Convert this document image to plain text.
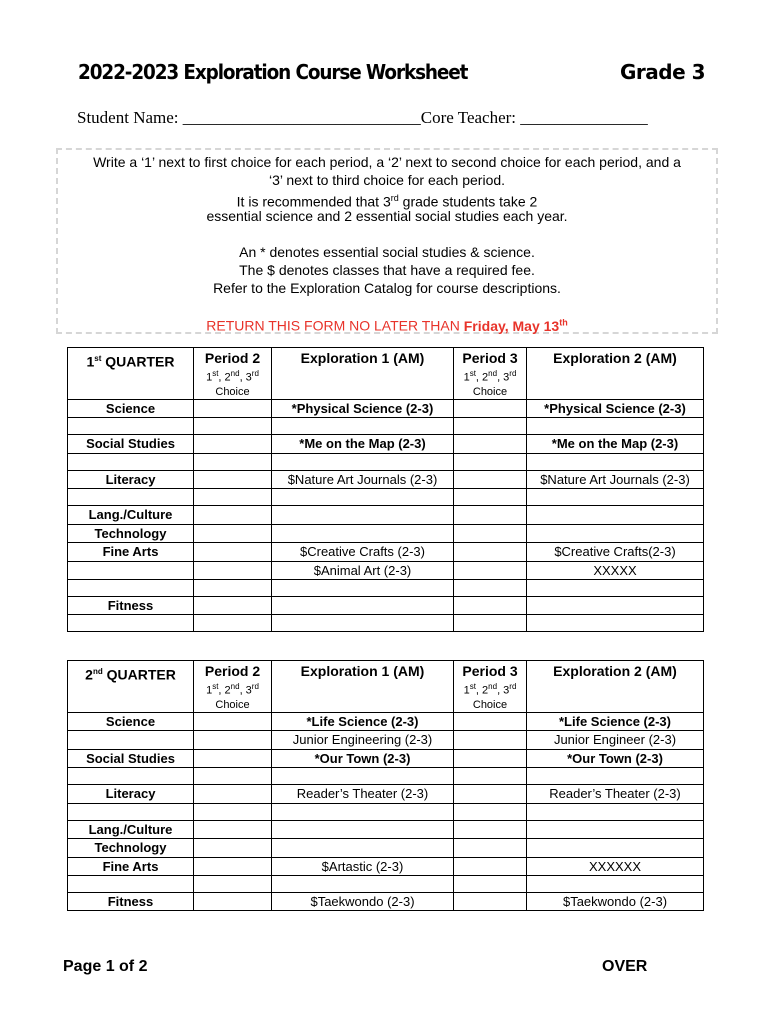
2022-2023 Exploration Course Worksheet	Grade 3
Student Name: ____________________________Core Teacher: _______________
Write a ‘1’ next to first choice for each period, a ‘2’ next to second choice for each period, and a
‘3’ next to third choice for each period.
It is recommended that 3rd grade students take 2
essential science and 2 essential social studies each year.
An * denotes essential social studies & science.
The $ denotes classes that have a required fee.
Refer to the Exploration Catalog for course descriptions.
RETURN THIS FORM NO LATER THAN Friday, May 13th
1st QUARTER	Period 2
1st, 2nd, 3rd
Choice	Exploration 1 (AM)	Period 3
1st, 2nd, 3rd
Choice	Exploration 2 (AM)

Science		*Physical Science (2-3)		*Physical Science (2-3)

Social Studies		*Me on the Map (2-3)		*Me on the Map (2-3)

Literacy		$Nature Art Journals (2-3)		$Nature Art Journals (2-3)

Lang./Culture				
Technology				
Fine Arts		$Creative Crafts (2-3)		$Creative Crafts(2-3)
		$Animal Art (2-3)		XXXXX

Fitness				

2nd QUARTER	Period 2
1st, 2nd, 3rd
Choice	Exploration 1 (AM)	Period 3
1st, 2nd, 3rd
Choice	Exploration 2 (AM)

Science		*Life Science (2-3)		*Life Science (2-3)
		Junior Engineering (2-3)		Junior Engineer (2-3)
Social Studies		*Our Town (2-3)		*Our Town (2-3)

Literacy		Reader’s Theater (2-3)		Reader’s Theater (2-3)

Lang./Culture				
Technology				
Fine Arts		$Artastic (2-3)		XXXXXX

Fitness		$Taekwondo (2-3)		$Taekwondo (2-3)
Page 1 of 2	OVER
